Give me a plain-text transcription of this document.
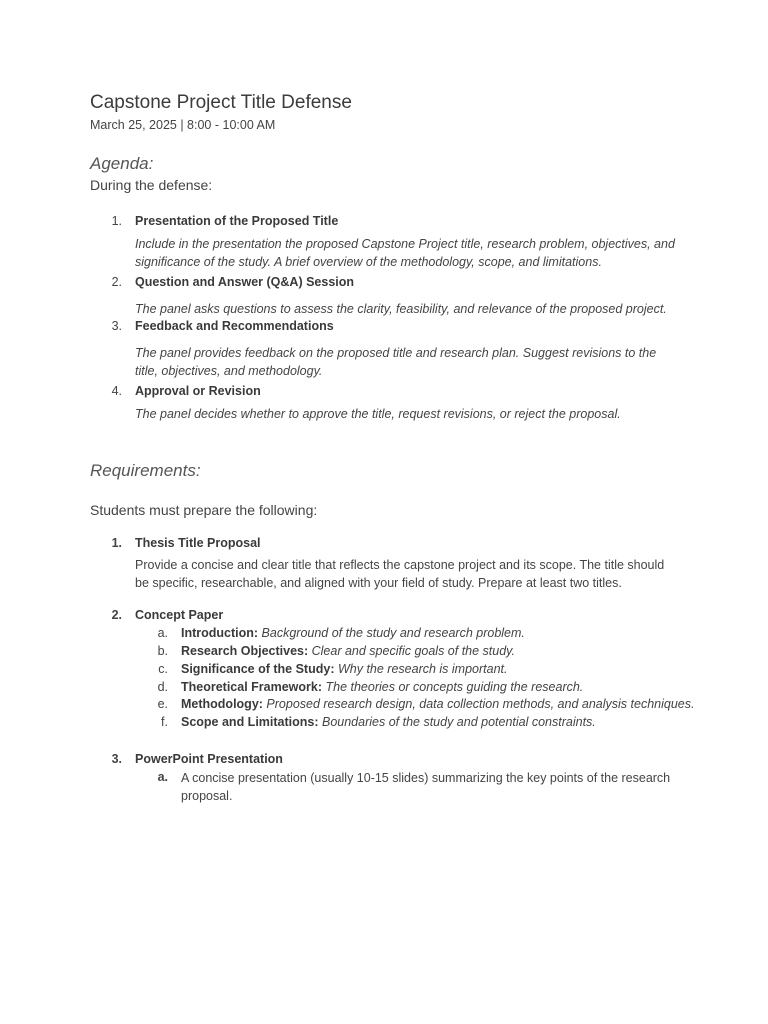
Capstone Project Title Defense
March 25, 2025 | 8:00 - 10:00 AM
Agenda:
During the defense:
1. Presentation of the Proposed Title
Include in the presentation the proposed Capstone Project title, research problem, objectives, and significance of the study. A brief overview of the methodology, scope, and limitations.
2. Question and Answer (Q&A) Session
The panel asks questions to assess the clarity, feasibility, and relevance of the proposed project.
3. Feedback and Recommendations
The panel provides feedback on the proposed title and research plan. Suggest revisions to the title, objectives, and methodology.
4. Approval or Revision
The panel decides whether to approve the title, request revisions, or reject the proposal.
Requirements:
Students must prepare the following:
1. Thesis Title Proposal
Provide a concise and clear title that reflects the capstone project and its scope. The title should be specific, researchable, and aligned with your field of study. Prepare at least two titles.
2. Concept Paper
a. Introduction: Background of the study and research problem.
b. Research Objectives: Clear and specific goals of the study.
c. Significance of the Study: Why the research is important.
d. Theoretical Framework: The theories or concepts guiding the research.
e. Methodology: Proposed research design, data collection methods, and analysis techniques.
f. Scope and Limitations: Boundaries of the study and potential constraints.
3. PowerPoint Presentation
a. A concise presentation (usually 10-15 slides) summarizing the key points of the research proposal.
